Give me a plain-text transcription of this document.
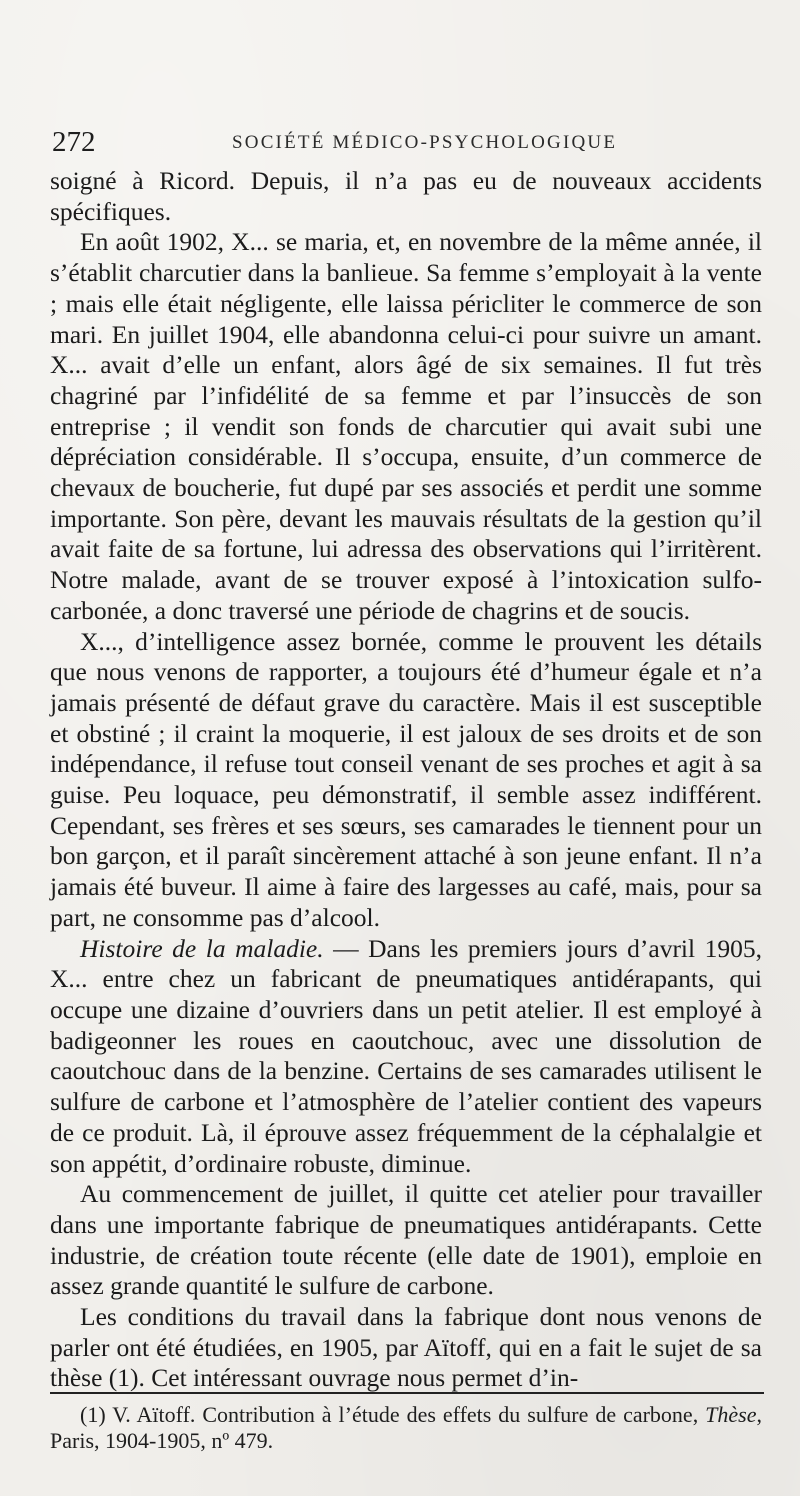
272	SOCIÉTÉ MÉDICO-PSYCHOLOGIQUE

soigné à Ricord. Depuis, il n’a pas eu de nouveaux accidents spécifiques.

En août 1902, X... se maria, et, en novembre de la même année, il s’établit charcutier dans la banlieue. Sa femme s’employait à la vente ; mais elle était négligente, elle laissa péricliter le commerce de son mari. En juillet 1904, elle abandonna celui-ci pour suivre un amant. X... avait d’elle un enfant, alors âgé de six semaines. Il fut très chagriné par l’infidélité de sa femme et par l’insuccès de son entreprise ; il vendit son fonds de charcutier qui avait subi une dépréciation considérable. Il s’occupa, ensuite, d’un commerce de chevaux de boucherie, fut dupé par ses associés et perdit une somme importante. Son père, devant les mauvais résultats de la gestion qu’il avait faite de sa fortune, lui adressa des observations qui l’irritèrent. Notre malade, avant de se trouver exposé à l’intoxication sulfo-carbonée, a donc traversé une période de chagrins et de soucis.

X..., d’intelligence assez bornée, comme le prouvent les détails que nous venons de rapporter, a toujours été d’humeur égale et n’a jamais présenté de défaut grave du caractère. Mais il est susceptible et obstiné ; il craint la moquerie, il est jaloux de ses droits et de son indépendance, il refuse tout conseil venant de ses proches et agit à sa guise. Peu loquace, peu démonstratif, il semble assez indifférent. Cependant, ses frères et ses sœurs, ses camarades le tiennent pour un bon garçon, et il paraît sincèrement attaché à son jeune enfant. Il n’a jamais été buveur. Il aime à faire des largesses au café, mais, pour sa part, ne consomme pas d’alcool.

Histoire de la maladie. — Dans les premiers jours d’avril 1905, X... entre chez un fabricant de pneumatiques antidérapants, qui occupe une dizaine d’ouvriers dans un petit atelier. Il est employé à badigeonner les roues en caoutchouc, avec une dissolution de caoutchouc dans de la benzine. Certains de ses camarades utilisent le sulfure de carbone et l’atmosphère de l’atelier contient des vapeurs de ce produit. Là, il éprouve assez fréquemment de la céphalalgie et son appétit, d’ordinaire robuste, diminue.

Au commencement de juillet, il quitte cet atelier pour travailler dans une importante fabrique de pneumatiques antidérapants. Cette industrie, de création toute récente (elle date de 1901), emploie en assez grande quantité le sulfure de carbone.

Les conditions du travail dans la fabrique dont nous venons de parler ont été étudiées, en 1905, par Aïtoff, qui en a fait le sujet de sa thèse (1). Cet intéressant ouvrage nous permet d’in-

(1) V. Aïtoff. Contribution à l’étude des effets du sulfure de carbone, Thèse, Paris, 1904-1905, nº 479.
